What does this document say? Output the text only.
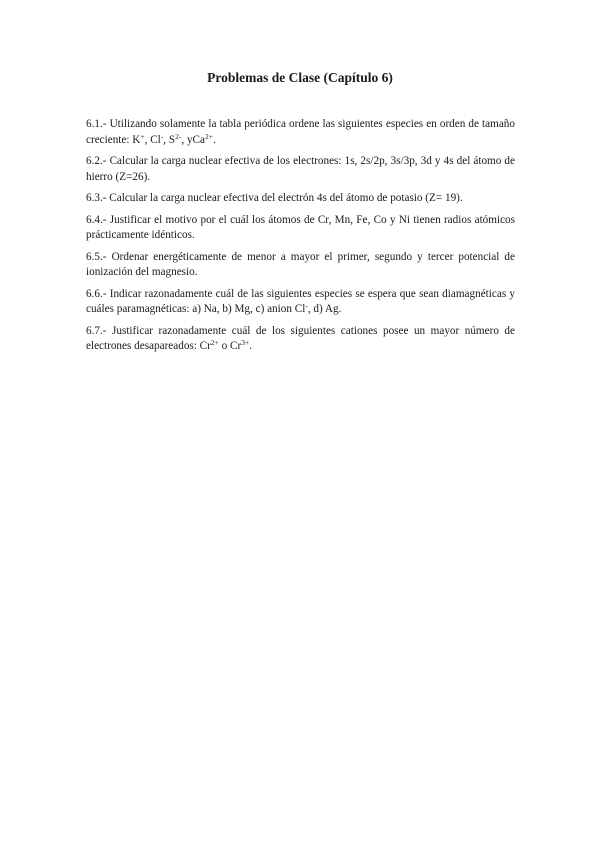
Problemas de Clase (Capítulo 6)

6.1.- Utilizando solamente la tabla periódica ordene las siguientes especies en orden de tamaño creciente: K+, Cl-, $S^{2-}$, yCa$^{2+}$.

6.2.- Calcular la carga nuclear efectiva de los electrones: 1s, 2s/2p, 3s/3p, 3d y 4s del átomo de hierro (Z=26).

6.3.- Calcular la carga nuclear efectiva del electrón 4s del átomo de potasio (Z= 19).

6.4.- Justificar el motivo por el cuál los átomos de Cr, Mn, Fe, Co y Ni tienen radios atómicos prácticamente idénticos.

6.5.- Ordenar energéticamente de menor a mayor el primer, segundo y tercer potencial de ionización del magnesio.

6.6.- Indicar razonadamente cuál de las siguientes especies se espera que sean diamagnéticas y cuáles paramagnéticas: a) Na, b) Mg, c) anion Cl-, d) Ag.

6.7.- Justificar razonadamente cuál de los siguientes cationes posee un mayor número de electrones desapareados: $Cr^{2+}$ o $Cr^{3+}$.
